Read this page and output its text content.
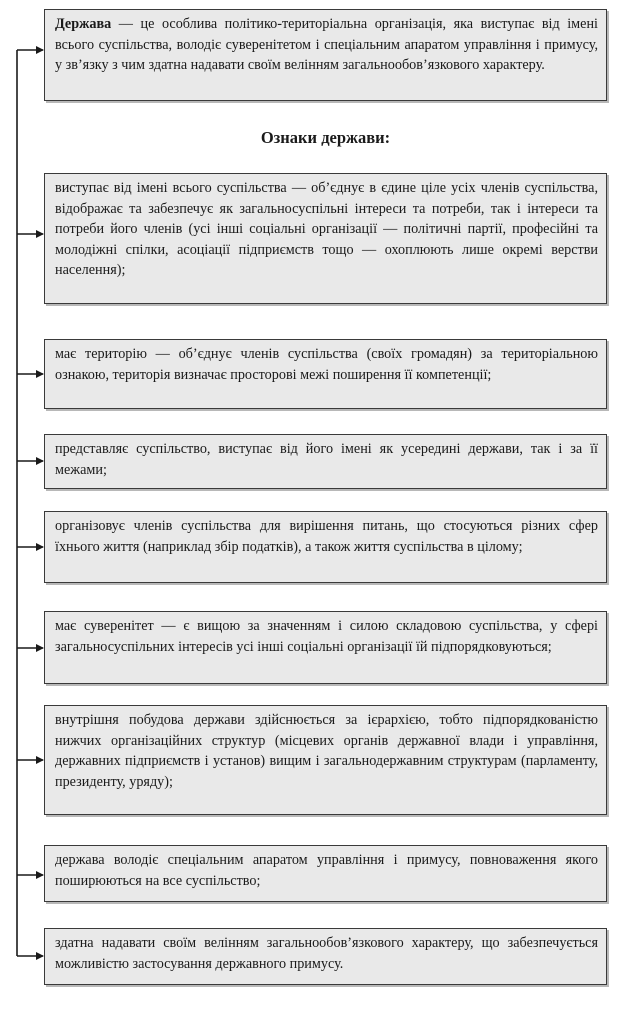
Держава — це особлива політико-територіальна організація, яка виступає від імені всього суспільства, володіє суверенітетом і спеціальним апаратом управління і примусу, у зв’язку з чим здатна надавати своїм велінням загальнообов’язкового характеру.
Ознаки держави:
виступає від імені всього суспільства — об’єднує в єдине ціле усіх членів суспільства, відображає та забезпечує як загальносуспільні інтереси та потреби, так і інтереси та потреби його членів (усі інші соціальні організації — політичні партії, професійні та молодіжні спілки, асоціації підприємств тощо — охоплюють лише окремі верстви населення);
має територію — об’єднує членів суспільства (своїх громадян) за територіальною ознакою, територія визначає просторові межі поширення її компетенції;
представляє суспільство, виступає від його імені як усередині держави, так і за її межами;
організовує членів суспільства для вирішення питань, що стосуються різних сфер їхнього життя (наприклад збір податків), а також життя суспільства в цілому;
має суверенітет — є вищою за значенням і силою складовою суспільства, у сфері загальносуспільних інтересів усі інші соціальні організації їй підпорядковуються;
внутрішня побудова держави здійснюється за ієрархією, тобто підпорядкованістю нижчих організаційних структур (місцевих органів державної влади і управління, державних підприємств і установ) вищим і загальнодержавним структурам (парламенту, президенту, уряду);
держава володіє спеціальним апаратом управління і примусу, повноваження якого поширюються на все суспільство;
здатна надавати своїм велінням загальнообов’язкового характеру, що забезпечується можливістю застосування державного примусу.
